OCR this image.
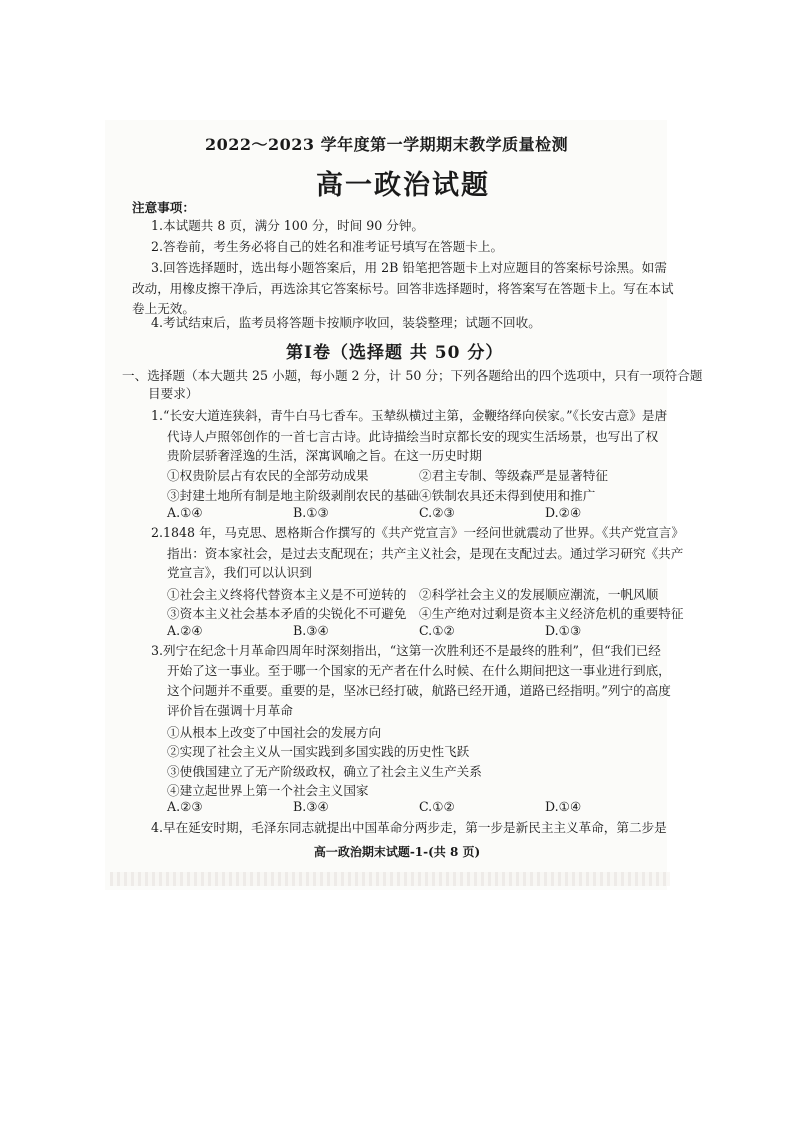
2022～2023 学年度第一学期期末教学质量检测
高一政治试题
注意事项：
1.本试题共 8 页，满分 100 分，时间 90 分钟。
2.答卷前，考生务必将自己的姓名和准考证号填写在答题卡上。
3.回答选择题时，选出每小题答案后，用 2B 铅笔把答题卡上对应题目的答案标号涂黑。如需
改动，用橡皮擦干净后，再选涂其它答案标号。回答非选择题时，将答案写在答题卡上。写在本试
卷上无效。
4.考试结束后，监考员将答题卡按顺序收回，装袋整理；试题不回收。
第Ⅰ卷（选择题 共 50 分）
一、选择题（本大题共 25 小题，每小题 2 分，计 50 分；下列各题给出的四个选项中，只有一项符合题
目要求）
1.“长安大道连狭斜，青牛白马七香车。玉辇纵横过主第，金鞭络绎向侯家。”《长安古意》是唐
代诗人卢照邻创作的一首七言古诗。此诗描绘当时京都长安的现实生活场景，也写出了权
贵阶层骄奢淫逸的生活，深寓讽喻之旨。在这一历史时期
①权贵阶层占有农民的全部劳动成果	②君主专制、等级森严是显著特征
③封建土地所有制是地主阶级剥削农民的基础 ④铁制农具还未得到使用和推广
A.①④	B.①③	C.②③	D.②④
2.1848 年，马克思、恩格斯合作撰写的《共产党宣言》一经问世就震动了世界。《共产党宣言》
指出：资本家社会，是过去支配现在；共产主义社会，是现在支配过去。通过学习研究《共产
党宣言》，我们可以认识到
①社会主义终将代替资本主义是不可逆转的 ②科学社会主义的发展顺应潮流，一帆风顺
③资本主义社会基本矛盾的尖锐化不可避免 ④生产绝对过剩是资本主义经济危机的重要特征
A.②④	B.③④	C.①②	D.①③
3.列宁在纪念十月革命四周年时深刻指出，“这第一次胜利还不是最终的胜利”，但“我们已经
开始了这一事业。至于哪一个国家的无产者在什么时候、在什么期间把这一事业进行到底，
这个问题并不重要。重要的是，坚冰已经打破，航路已经开通，道路已经指明。”列宁的高度
评价旨在强调十月革命
①从根本上改变了中国社会的发展方向
②实现了社会主义从一国实践到多国实践的历史性飞跃
③使俄国建立了无产阶级政权，确立了社会主义生产关系
④建立起世界上第一个社会主义国家
A.②③	B.③④	C.①②	D.①④
4.早在延安时期，毛泽东同志就提出中国革命分两步走，第一步是新民主主义革命，第二步是
高一政治期末试题-1-(共 8 页)
